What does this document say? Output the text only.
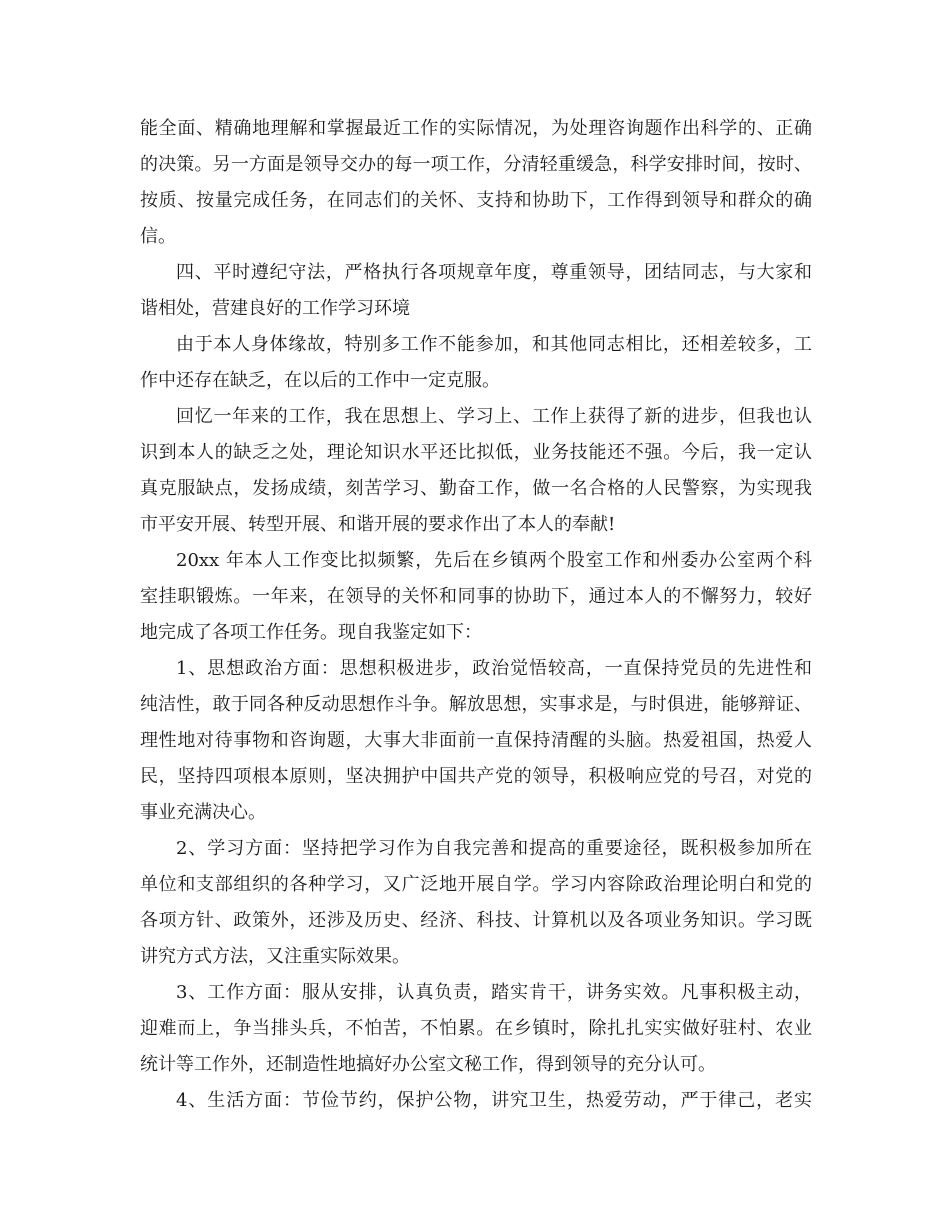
能全面、精确地理解和掌握最近工作的实际情况，为处理咨询题作出科学的、正确
的决策。另一方面是领导交办的每一项工作，分清轻重缓急，科学安排时间，按时、
按质、按量完成任务，在同志们的关怀、支持和协助下，工作得到领导和群众的确
信。
四、平时遵纪守法，严格执行各项规章年度，尊重领导，团结同志，与大家和
谐相处，营建良好的工作学习环境
由于本人身体缘故，特别多工作不能参加，和其他同志相比，还相差较多，工
作中还存在缺乏，在以后的工作中一定克服。
回忆一年来的工作，我在思想上、学习上、工作上获得了新的进步，但我也认
识到本人的缺乏之处，理论知识水平还比拟低，业务技能还不强。今后，我一定认
真克服缺点，发扬成绩，刻苦学习、勤奋工作，做一名合格的人民警察，为实现我
市平安开展、转型开展、和谐开展的要求作出了本人的奉献!
20xx 年本人工作变比拟频繁，先后在乡镇两个股室工作和州委办公室两个科
室挂职锻炼。一年来，在领导的关怀和同事的协助下，通过本人的不懈努力，较好
地完成了各项工作任务。现自我鉴定如下：
1、思想政治方面：思想积极进步，政治觉悟较高，一直保持党员的先进性和
纯洁性，敢于同各种反动思想作斗争。解放思想，实事求是，与时俱进，能够辩证、
理性地对待事物和咨询题，大事大非面前一直保持清醒的头脑。热爱祖国，热爱人
民，坚持四项根本原则，坚决拥护中国共产党的领导，积极响应党的号召，对党的
事业充满决心。
2、学习方面：坚持把学习作为自我完善和提高的重要途径，既积极参加所在
单位和支部组织的各种学习，又广泛地开展自学。学习内容除政治理论明白和党的
各项方针、政策外，还涉及历史、经济、科技、计算机以及各项业务知识。学习既
讲究方式方法，又注重实际效果。
3、工作方面：服从安排，认真负责，踏实肯干，讲务实效。凡事积极主动，
迎难而上，争当排头兵，不怕苦，不怕累。在乡镇时，除扎扎实实做好驻村、农业
统计等工作外，还制造性地搞好办公室文秘工作，得到领导的充分认可。
4、生活方面：节俭节约，保护公物，讲究卫生，热爱劳动，严于律己，老实
